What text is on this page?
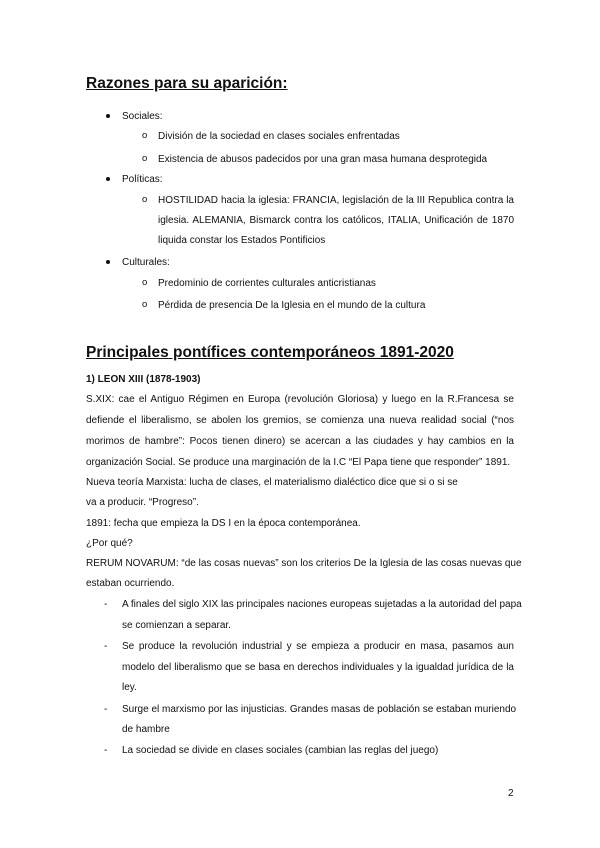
Razones para su aparición:
Sociales:
o División de la sociedad en clases sociales enfrentadas
o Existencia de abusos padecidos por una gran masa humana desprotegida
Políticas:
o HOSTILIDAD hacia la iglesia: FRANCIA, legislación de la III Republica contra la
iglesia. ALEMANIA, Bismarck contra los católicos, ITALIA, Unificación de 1870
liquida constar los Estados Pontificios
Culturales:
o Predominio de corrientes culturales anticristianas
o Pérdida de presencia De la Iglesia en el mundo de la cultura
Principales pontífices contemporáneos 1891-2020
1) LEON XIII (1878-1903)
S.XIX: cae el Antiguo Régimen en Europa (revolución Gloriosa) y luego en la R.Francesa se
defiende el liberalismo, se abolen los gremios, se comienza una nueva realidad social (“nos
morimos de hambre”: Pocos tienen dinero) se acercan a las ciudades y hay cambios en la
organización Social. Se produce una marginación de la I.C “El Papa tiene que responder” 1891.
Nueva teoría Marxista: lucha de clases, el materialismo dialéctico dice que si o si se
va a producir. “Progreso”.
1891: fecha que empieza la DS I en la época contemporánea.
¿Por qué?
RERUM NOVARUM: “de las cosas nuevas” son los criterios De la Iglesia de las cosas nuevas que
estaban ocurriendo.
- A finales del siglo XIX las principales naciones europeas sujetadas a la autoridad del papa
se comienzan a separar.
- Se produce la revolución industrial y se empieza a producir en masa, pasamos aun
modelo del liberalismo que se basa en derechos individuales y la igualdad jurídica de la
ley.
- Surge el marxismo por las injusticias. Grandes masas de población se estaban muriendo
de hambre
- La sociedad se divide en clases sociales (cambian las reglas del juego)
2
